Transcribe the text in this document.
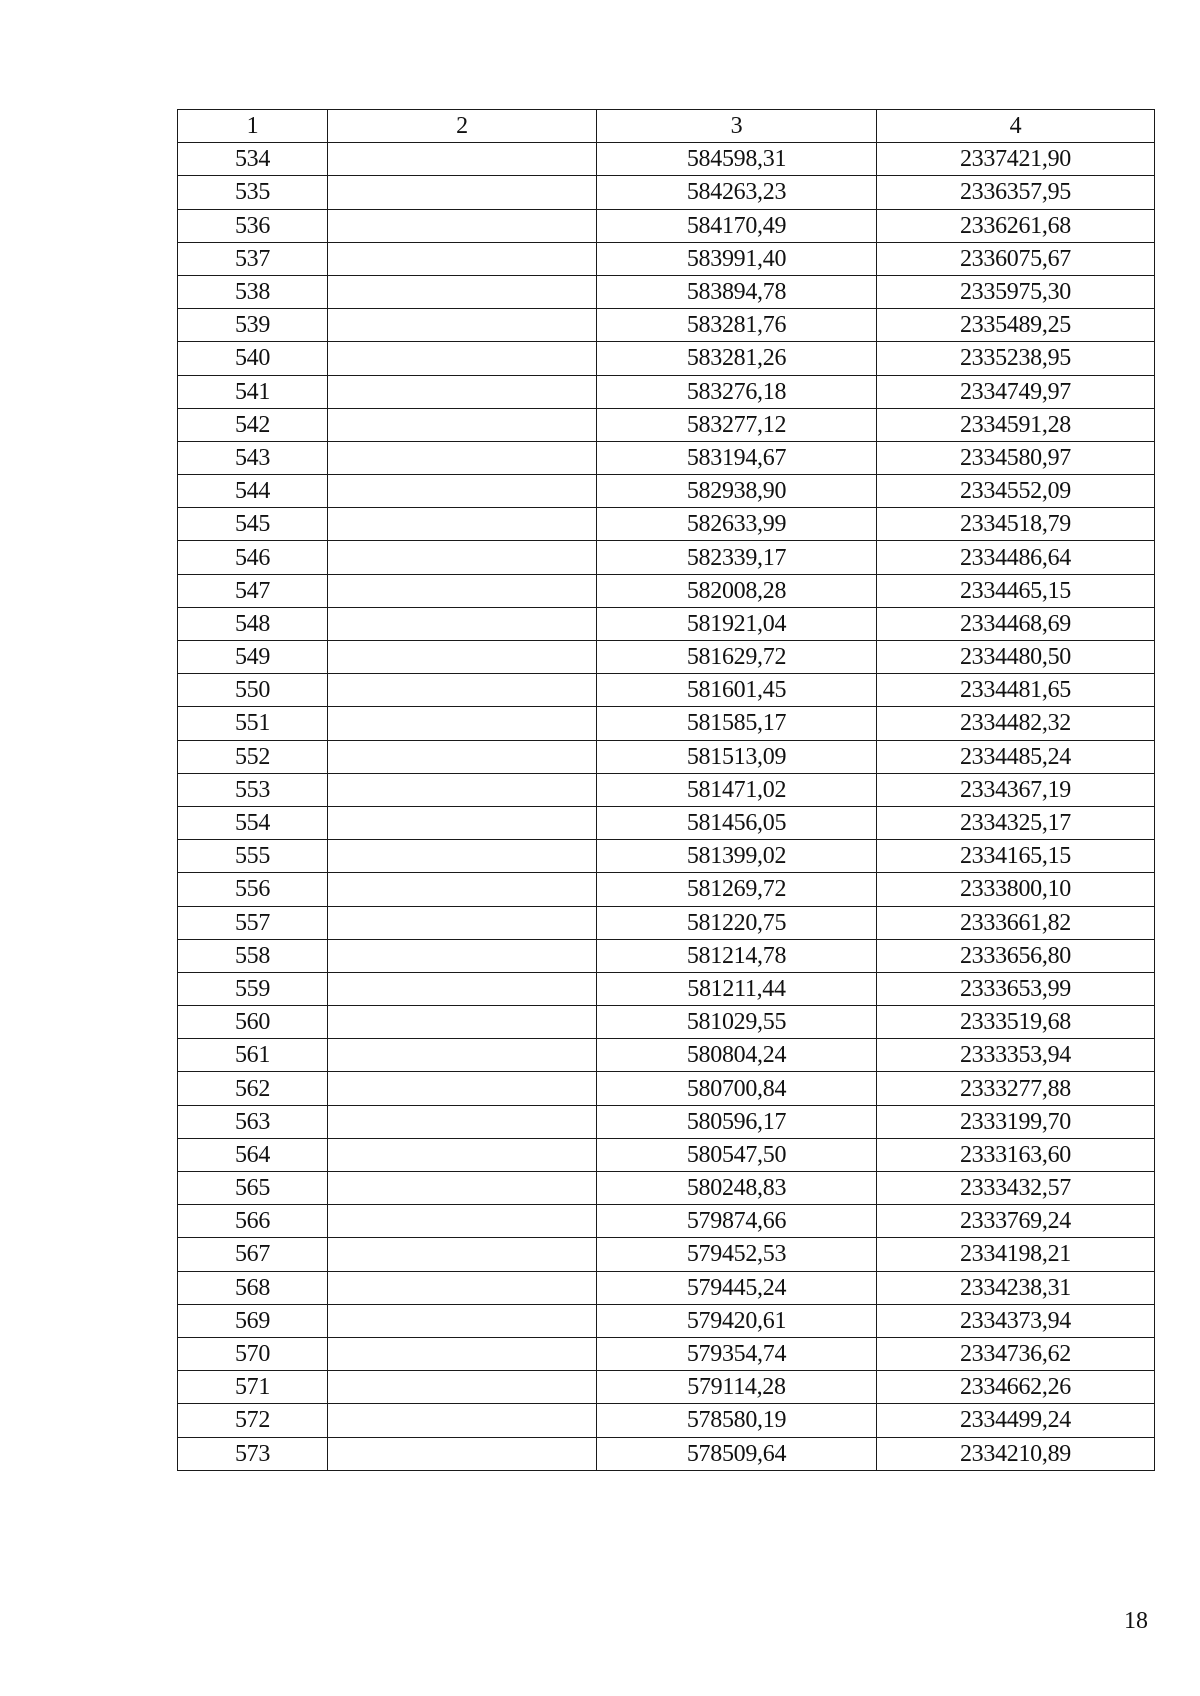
1	2	3	4
534		584598,31	2337421,90
535		584263,23	2336357,95
536		584170,49	2336261,68
537		583991,40	2336075,67
538		583894,78	2335975,30
539		583281,76	2335489,25
540		583281,26	2335238,95
541		583276,18	2334749,97
542		583277,12	2334591,28
543		583194,67	2334580,97
544		582938,90	2334552,09
545		582633,99	2334518,79
546		582339,17	2334486,64
547		582008,28	2334465,15
548		581921,04	2334468,69
549		581629,72	2334480,50
550		581601,45	2334481,65
551		581585,17	2334482,32
552		581513,09	2334485,24
553		581471,02	2334367,19
554		581456,05	2334325,17
555		581399,02	2334165,15
556		581269,72	2333800,10
557		581220,75	2333661,82
558		581214,78	2333656,80
559		581211,44	2333653,99
560		581029,55	2333519,68
561		580804,24	2333353,94
562		580700,84	2333277,88
563		580596,17	2333199,70
564		580547,50	2333163,60
565		580248,83	2333432,57
566		579874,66	2333769,24
567		579452,53	2334198,21
568		579445,24	2334238,31
569		579420,61	2334373,94
570		579354,74	2334736,62
571		579114,28	2334662,26
572		578580,19	2334499,24
573		578509,64	2334210,89
18
